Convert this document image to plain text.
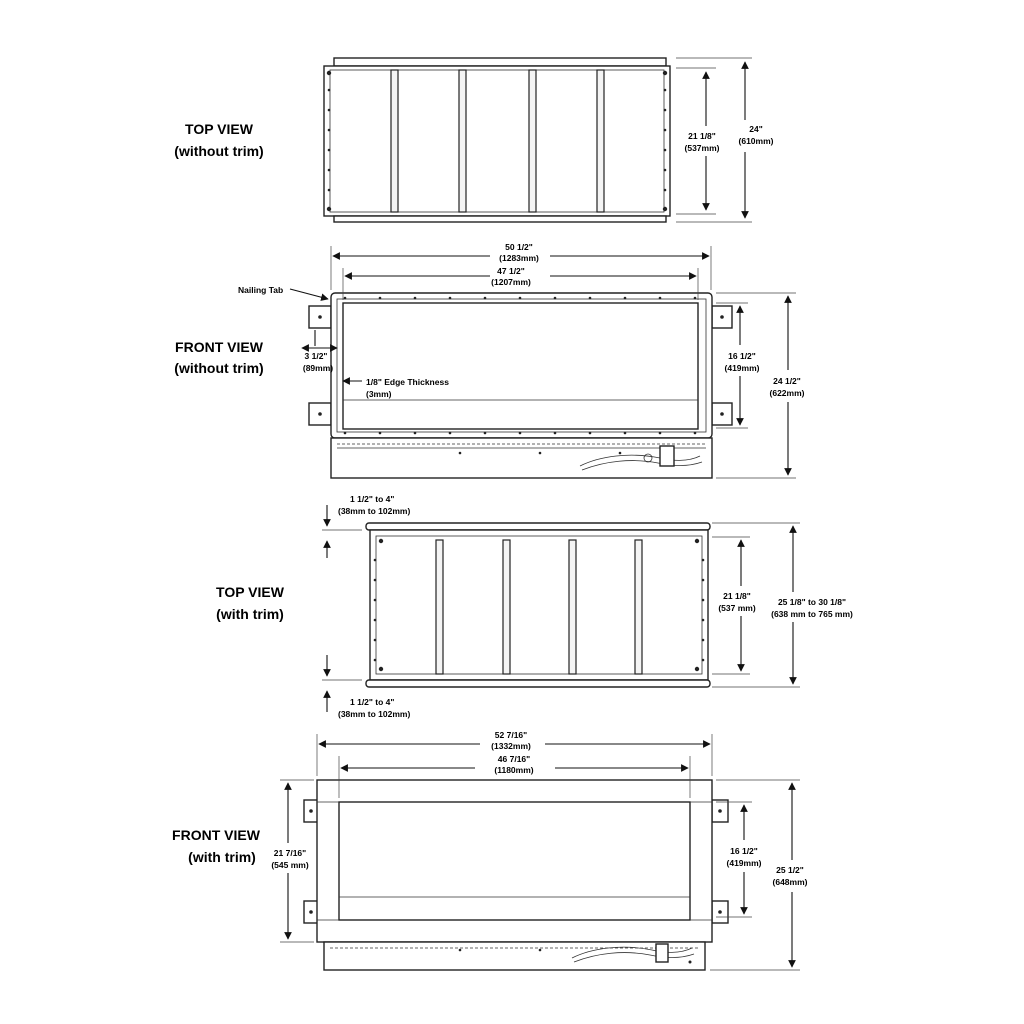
TOP VIEW
(without trim)
21 1/8"
(537mm)
24"
(610mm)
FRONT VIEW
(without trim)
50 1/2"
(1283mm)
47 1/2"
(1207mm)
Nailing Tab
3 1/2"
(89mm)
1/8" Edge Thickness
(3mm)
16 1/2"
(419mm)
24 1/2"
(622mm)
TOP VIEW
(with trim)
1 1/2" to 4"
(38mm to 102mm)
1 1/2" to 4"
(38mm to 102mm)
21 1/8"
(537 mm)
25 1/8" to 30 1/8"
(638 mm to 765 mm)
FRONT VIEW
(with trim)
52 7/16"
(1332mm)
46 7/16"
(1180mm)
21 7/16"
(545 mm)
16 1/2"
(419mm)
25 1/2"
(648mm)
